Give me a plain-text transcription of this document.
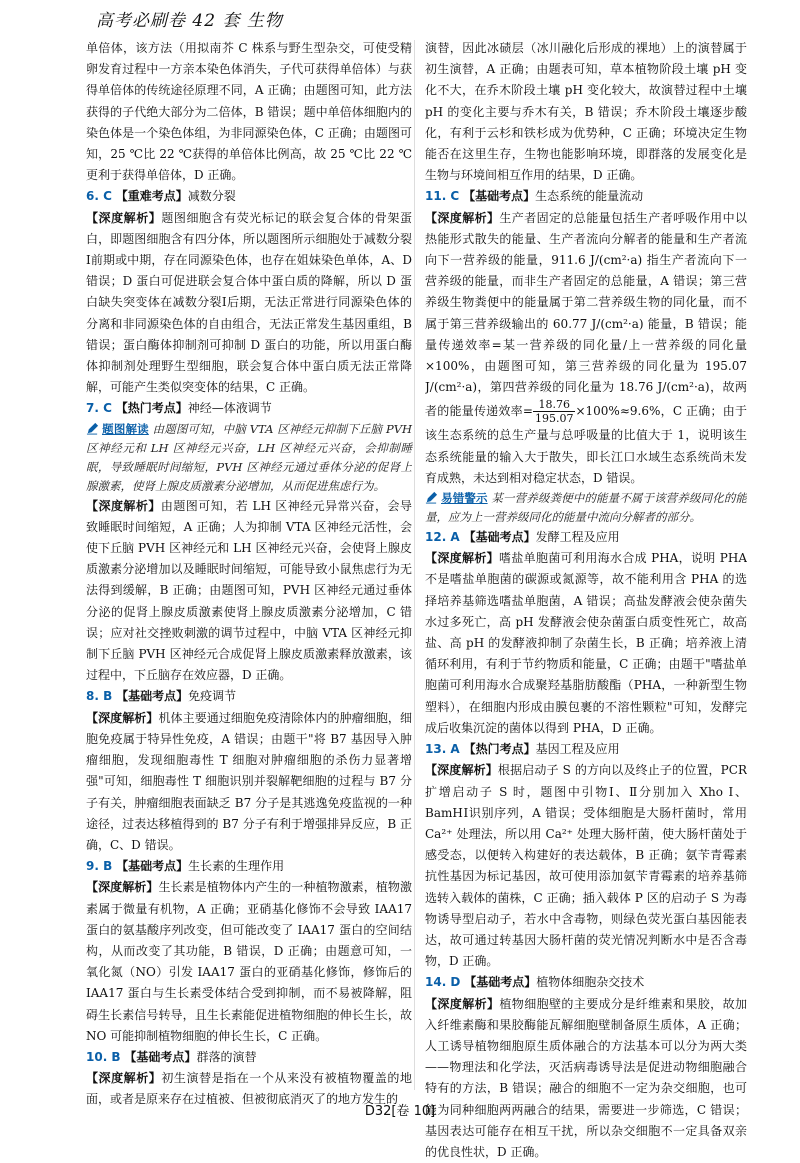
高考必刷卷 42 套 生物

单倍体，该方法（用拟南芥 C 株系与野生型杂交，可使受精卵发育过程中一方亲本染色体消失，子代可获得单倍体）与获得单倍体的传统途径原理不同，A 正确；由题图可知，此方法获得的子代绝大部分为二倍体，B 错误；题中单倍体细胞内的染色体是一个染色体组，为非同源染色体，C 正确；由题图可知，25 ℃比 22 ℃获得的单倍体比例高，故 25 ℃比 22 ℃更利于获得单倍体，D 正确。

6. C 【重难考点】减数分裂

【深度解析】题图细胞含有荧光标记的联会复合体的骨架蛋白，即题图细胞含有四分体，所以题图所示细胞处于减数分裂Ⅰ前期或中期，存在同源染色体，也存在姐妹染色单体，A、D 错误；D 蛋白可促进联会复合体中蛋白质的降解，所以 D 蛋白缺失突变体在减数分裂Ⅰ后期，无法正常进行同源染色体的分离和非同源染色体的自由组合，无法正常发生基因重组，B 错误；蛋白酶体抑制剂可抑制 D 蛋白的功能，所以用蛋白酶体抑制剂处理野生型细胞，联会复合体中蛋白质无法正常降解，可能产生类似突变体的结果，C 正确。

7. C 【热门考点】神经—体液调节

题图解读 由题图可知，中脑 VTA 区神经元抑制下丘脑 PVH 区神经元和 LH 区神经元兴奋，LH 区神经元兴奋，会抑制睡眠，导致睡眠时间缩短，PVH 区神经元通过垂体分泌的促肾上腺激素，使肾上腺皮质激素分泌增加，从而促进焦虑行为。

【深度解析】由题图可知，若 LH 区神经元异常兴奋，会导致睡眠时间缩短，A 正确；人为抑制 VTA 区神经元活性，会使下丘脑 PVH 区神经元和 LH 区神经元兴奋，会使肾上腺皮质激素分泌增加以及睡眠时间缩短，可能导致小鼠焦虑行为无法得到缓解，B 正确；由题图可知，PVH 区神经元通过垂体分泌的促肾上腺皮质激素使肾上腺皮质激素分泌增加，C 错误；应对社交挫败刺激的调节过程中，中脑 VTA 区神经元抑制下丘脑 PVH 区神经元合成促肾上腺皮质激素释放激素，该过程中，下丘脑存在效应器，D 正确。

8. B 【基础考点】免疫调节

【深度解析】机体主要通过细胞免疫清除体内的肿瘤细胞，细胞免疫属于特异性免疫，A 错误；由题干"将 B7 基因导入肿瘤细胞，发现细胞毒性 T 细胞对肿瘤细胞的杀伤力显著增强"可知，细胞毒性 T 细胞识别并裂解靶细胞的过程与 B7 分子有关，肿瘤细胞表面缺乏 B7 分子是其逃逸免疫监视的一种途径，过表达移植得到的 B7 分子有利于增强排异反应，B 正确，C、D 错误。

9. B 【基础考点】生长素的生理作用

【深度解析】生长素是植物体内产生的一种植物激素，植物激素属于微量有机物，A 正确；亚硝基化修饰不会导致 IAA17 蛋白的氨基酸序列改变，但可能改变了 IAA17 蛋白的空间结构，从而改变了其功能，B 错误，D 正确；由题意可知，一氧化氮（NO）引发 IAA17 蛋白的亚硝基化修饰，修饰后的 IAA17 蛋白与生长素受体结合受到抑制，而不易被降解，阻碍生长素信号转导，且生长素能促进植物细胞的伸长生长，故 NO 可能抑制植物细胞的伸长生长，C 正确。

10. B 【基础考点】群落的演替

【深度解析】初生演替是指在一个从来没有被植物覆盖的地面，或者是原来存在过植被、但被彻底消灭了的地方发生的

演替，因此冰碛层（冰川融化后形成的裸地）上的演替属于初生演替，A 正确；由题表可知，草本植物阶段土壤 pH 变化不大，在乔木阶段土壤 pH 变化较大，故演替过程中土壤 pH 的变化主要与乔木有关，B 错误；乔木阶段土壤逐步酸化，有利于云杉和铁杉成为优势种，C 正确；环境决定生物能否在这里生存，生物也能影响环境，即群落的发展变化是生物与环境间相互作用的结果，D 正确。

11. C 【基础考点】生态系统的能量流动

【深度解析】生产者固定的总能量包括生产者呼吸作用中以热能形式散失的能量、生产者流向分解者的能量和生产者流向下一营养级的能量，911.6 J/(cm²·a) 指生产者流向下一营养级的能量，而非生产者固定的总能量，A 错误；第三营养级生物粪便中的能量属于第二营养级生物的同化量，而不属于第三营养级输出的 60.77 J/(cm²·a) 能量，B 错误；能量传递效率=某一营养级的同化量/上一营养级的同化量×100%，由题图可知，第三营养级的同化量为 195.07 J/(cm²·a)，第四营养级的同化量为 18.76 J/(cm²·a)，故两者的能量传递效率= $\frac{18.76}{195.07} \times 100\%\approx 9.6\%$，C 正确；由于该生态系统的总生产量与总呼吸量的比值大于 1，说明该生态系统能量的输入大于散失，即长江口水域生态系统尚未发育成熟，未达到相对稳定状态，D 错误。

易错警示 某一营养级粪便中的能量不属于该营养级同化的能量，应为上一营养级同化的能量中流向分解者的部分。

12. A 【基础考点】发酵工程及应用

【深度解析】嗜盐单胞菌可利用海水合成 PHA，说明 PHA 不是嗜盐单胞菌的碳源或氮源等，故不能利用含 PHA 的选择培养基筛选嗜盐单胞菌，A 错误；高盐发酵液会使杂菌失水过多死亡，高 pH 发酵液会使杂菌蛋白质变性死亡，故高盐、高 pH 的发酵液抑制了杂菌生长，B 正确；培养液上清循环利用，有利于节约物质和能量，C 正确；由题干"嗜盐单胞菌可利用海水合成聚羟基脂肪酸酯（PHA，一种新型生物塑料），在细胞内形成由膜包裹的不溶性颗粒"可知，发酵完成后收集沉淀的菌体以得到 PHA，D 正确。

13. A 【热门考点】基因工程及应用

【深度解析】根据启动子 S 的方向以及终止子的位置，PCR 扩增启动子 S 时，题图中引物Ⅰ、Ⅱ分别加入 Xho Ⅰ、BamHⅠ识别序列，A 错误；受体细胞是大肠杆菌时，常用 Ca²⁺ 处理法，所以用 Ca²⁺ 处理大肠杆菌，使大肠杆菌处于感受态，以便转入构建好的表达载体，B 正确；氨苄青霉素抗性基因为标记基因，故可使用添加氨苄青霉素的培养基筛选转入载体的菌株，C 正确；插入载体 P 区的启动子 S 为毒物诱导型启动子，若水中含毒物，则绿色荧光蛋白基因能表达，故可通过转基因大肠杆菌的荧光情况判断水中是否含毒物，D 正确。

14. D 【基础考点】植物体细胞杂交技术

【深度解析】植物细胞壁的主要成分是纤维素和果胶，故加入纤维素酶和果胶酶能瓦解细胞壁制备原生质体，A 正确；人工诱导植物细胞原生质体融合的方法基本可以分为两大类——物理法和化学法，灭活病毒诱导法是促进动物细胞融合特有的方法，B 错误；融合的细胞不一定为杂交细胞，也可能为同种细胞两两融合的结果，需要进一步筛选，C 错误；基因表达可能存在相互干扰，所以杂交细胞不一定具备双亲的优良性状，D 正确。

D32[卷 10]
